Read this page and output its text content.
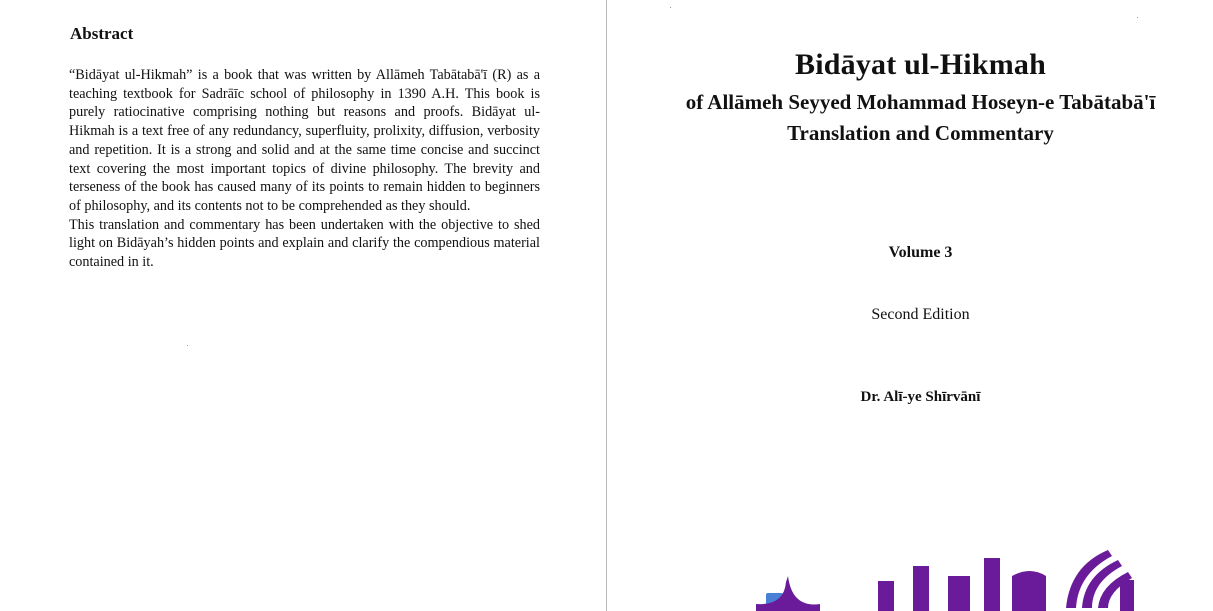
Abstract

“Bidāyat ul-Hikmah” is a book that was written by Allāmeh Tabātabā'ī (R) as a teaching textbook for Sadrāīc school of philosophy in 1390 A.H. This book is purely ratiocinative comprising nothing but reasons and proofs. Bidāyat ul-Hikmah is a text free of any redundancy, superfluity, prolixity, diffusion, verbosity and repetition. It is a strong and solid and at the same time concise and succinct text covering the most important topics of divine philosophy. The brevity and terseness of the book has caused many of its points to remain hidden to beginners of philosophy, and its contents not to be comprehended as they should.

This translation and commentary has been undertaken with the objective to shed light on Bidāyah’s hidden points and explain and clarify the compendious material contained in it.

Bidāyat ul-Hikmah
of Allāmeh Seyyed Mohammad Hoseyn-e Tabātabā'ī
Translation and Commentary
Volume 3
Second Edition
Dr. Alī-ye Shīrvānī
